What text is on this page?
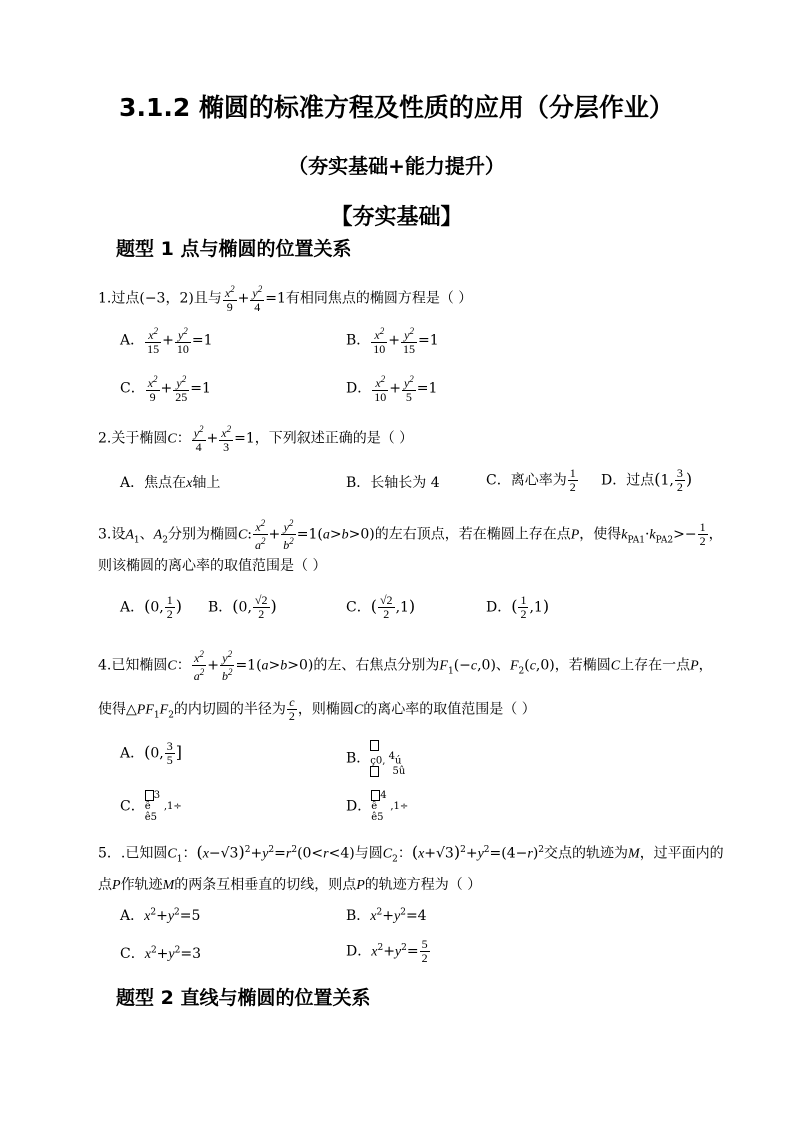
3.1.2 椭圆的标准方程及性质的应用（分层作业）
（夯实基础+能力提升）
【夯实基础】
题型 1 点与椭圆的位置关系
1.过点(−3，2)且与 $\frac{x^2}{9} + \frac{y^2}{4} =1$有相同焦点的椭圆方程是（ ）
A． $\frac{x^2}{15} + \frac{y^2}{10} =1$	B． $\frac{x^2}{10} + \frac{y^2}{15} =1$
C． $\frac{x^2}{9} + \frac{y^2}{25} =1$	D． $\frac{x^2}{10} + \frac{y^2}{5} =1$
2.关于椭圆C： $\frac{y^2}{4} + \frac{x^2}{3} =1$，下列叙述正确的是（ ）
A．焦点在x轴上	B．长轴长为 4	C．离心率为 $\frac{1}{2}$ D．过点(1, $\frac{3}{2}$ )
3.设$A_1$、$A_2$分别为椭圆C: $\frac{x^2}{a^2} + \frac{y^2}{b^2} =1(a>b>0)$的左右顶点，若在椭圆上存在点P，使得$k_{PA1}\cdot k_{PA2}>- \frac{1}{2}$ ，
则该椭圆的离心率的取值范围是（ ）
A．(0, $\frac{1}{2}$ ) B．(0, $\frac{√2}{2}$ )	C．( $\frac{√2}{2} ,1$)	D．( $\frac{1}{2} ,1$)
4.已知椭圆C： $\frac{x^2}{a^2} + \frac{y^2}{b^2} =1(a>b>0)$的左、右焦点分别为$F_1(-c,0)$、$F_2(c,0)$，若椭圆C上存在一点P，
使得$\triangle PF_1F_2$的内切圆的半径为 $\frac{c}{2}$ ，则椭圆C的离心率的取值范围是（ ）
A．(0, $\frac{3}{5}$ ]	B．
ç0, 4ú
5û
C．3
ê ,1÷
ê5
D．4
ê ,1÷
ê5
5．.已知圆$C_1$：$(x-√3)^2+y^2=r^2(0<r<4)$与圆$C_2$：$(x+√3)^2+y^2=(4-r)^2$交点的轨迹为M，过平面内的
点P作轨迹M的两条互相垂直的切线，则点P的轨迹方程为（ ）
A．$x^2+y^2=5$	B．$x^2+y^2=4$
C．$x^2+y^2=3$	D．$x^2+y^2= \frac{5}{2}$
题型 2 直线与椭圆的位置关系
